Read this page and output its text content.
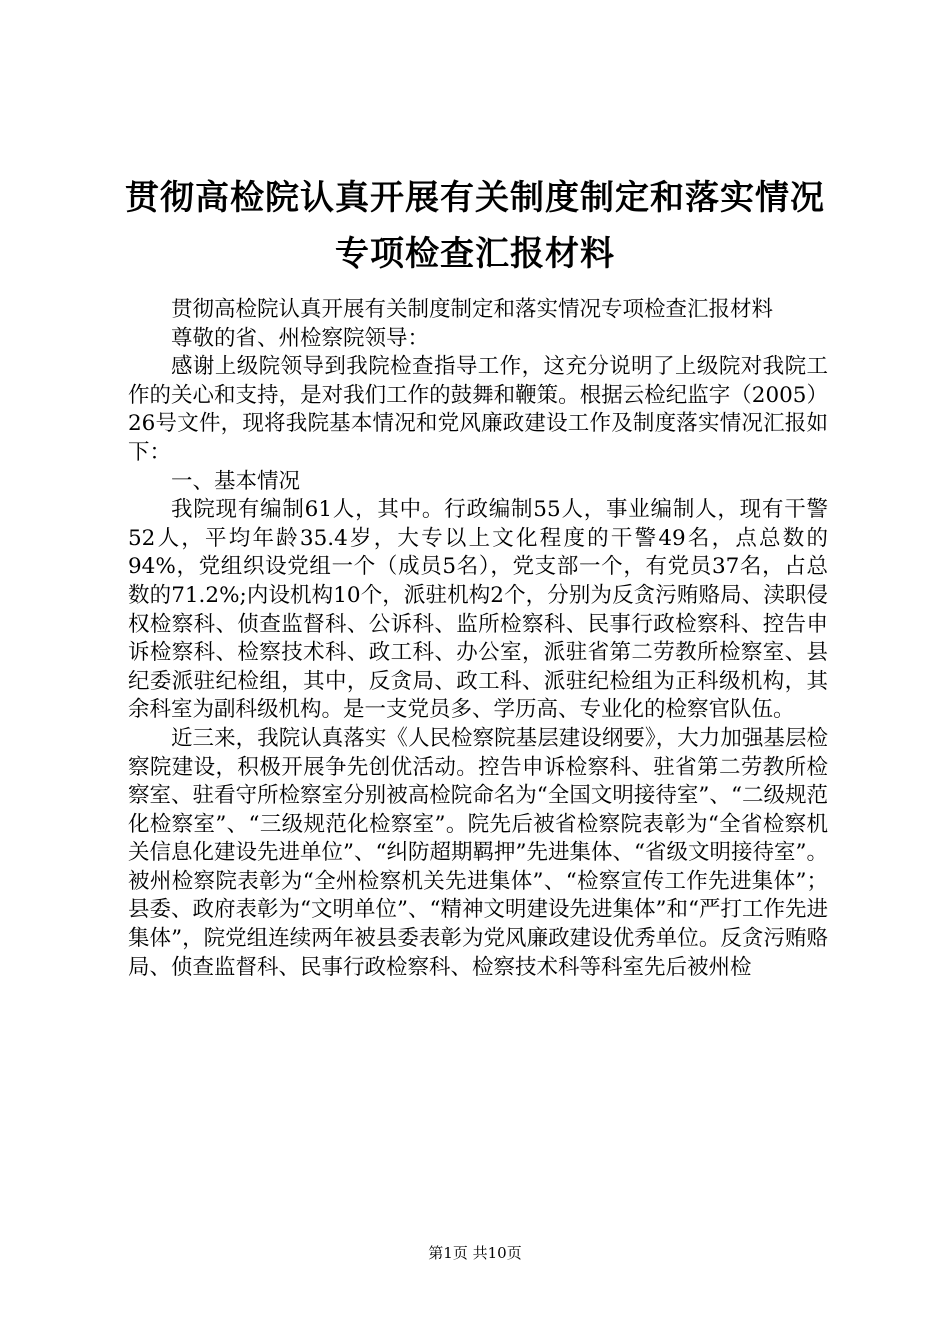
贯彻高检院认真开展有关制度制定和落实情况
专项检查汇报材料

贯彻高检院认真开展有关制度制定和落实情况专项检查汇报材料

尊敬的省、州检察院领导：

感谢上级院领导到我院检查指导工作，这充分说明了上级院对我院工作的关心和支持，是对我们工作的鼓舞和鞭策。根据云检纪监字（2005）26号文件，现将我院基本情况和党风廉政建设工作及制度落实情况汇报如下：

一、基本情况

我院现有编制61人，其中。行政编制55人，事业编制人，现有干警52人，平均年龄35.4岁，大专以上文化程度的干警49名，点总数的94%，党组织设党组一个（成员5名），党支部一个，有党员37名，占总数的71.2%;内设机构10个，派驻机构2个，分别为反贪污贿赂局、渎职侵权检察科、侦查监督科、公诉科、监所检察科、民事行政检察科、控告申诉检察科、检察技术科、政工科、办公室，派驻省第二劳教所检察室、县纪委派驻纪检组，其中，反贪局、政工科、派驻纪检组为正科级机构，其余科室为副科级机构。是一支党员多、学历高、专业化的检察官队伍。

近三来，我院认真落实《人民检察院基层建设纲要》，大力加强基层检察院建设，积极开展争先创优活动。控告申诉检察科、驻省第二劳教所检察室、驻看守所检察室分别被高检院命名为“全国文明接待室”、“二级规范化检察室”、“三级规范化检察室”。院先后被省检察院表彰为“全省检察机关信息化建设先进单位”、“纠防超期羁押”先进集体、“省级文明接待室”。被州检察院表彰为“全州检察机关先进集体”、“检察宣传工作先进集体”；县委、政府表彰为“文明单位”、“精神文明建设先进集体”和“严打工作先进集体”，院党组连续两年被县委表彰为党风廉政建设优秀单位。反贪污贿赂局、侦查监督科、民事行政检察科、检察技术科等科室先后被州检

第1页 共10页
